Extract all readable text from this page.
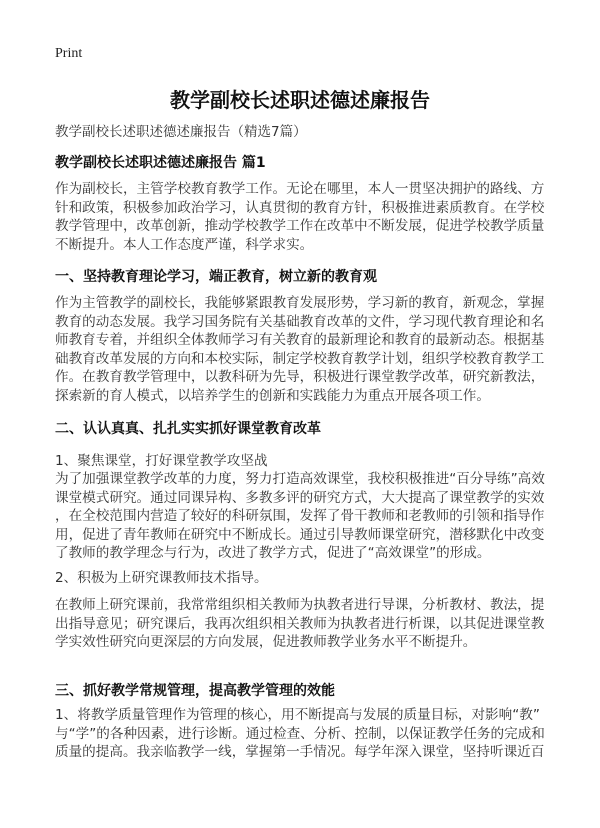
Print
教学副校长述职述德述廉报告
教学副校长述职述德述廉报告（精选7篇）
教学副校长述职述德述廉报告 篇1
作为副校长，主管学校教育教学工作。无论在哪里，本人一贯坚决拥护的路线、方
针和政策，积极参加政治学习，认真贯彻的教育方针，积极推进素质教育。在学校
教学管理中，改革创新，推动学校教学工作在改革中不断发展，促进学校教学质量
不断提升。本人工作态度严谨，科学求实。
一、坚持教育理论学习，端正教育，树立新的教育观
作为主管教学的副校长，我能够紧跟教育发展形势，学习新的教育，新观念，掌握
教育的动态发展。我学习国务院有关基础教育改革的文件，学习现代教育理论和名
师教育专着，并组织全体教师学习有关教育的最新理论和教育的最新动态。根据基
础教育改革发展的方向和本校实际，制定学校教育教学计划，组织学校教育教学工
作。在教育教学管理中，以教科研为先导，积极进行课堂教学改革，研究新教法，
探索新的育人模式，以培养学生的创新和实践能力为重点开展各项工作。
二、认认真真、扎扎实实抓好课堂教育改革
1、聚焦课堂，打好课堂教学攻坚战
为了加强课堂教学改革的力度，努力打造高效课堂，我校积极推进“百分导练”高效
课堂模式研究。通过同课异构、多教多评的研究方式，大大提高了课堂教学的实效
，在全校范围内营造了较好的科研氛围，发挥了骨干教师和老教师的引领和指导作
用，促进了青年教师在研究中不断成长。通过引导教师课堂研究，潜移默化中改变
了教师的教学理念与行为，改进了教学方式，促进了“高效课堂”的形成。
2、积极为上研究课教师技术指导。
在教师上研究课前，我常常组织相关教师为执教者进行导课，分析教材、教法，提
出指导意见；研究课后，我再次组织相关教师为执教者进行析课，以其促进课堂教
学实效性研究向更深层的方向发展，促进教师教学业务水平不断提升。
三、抓好教学常规管理，提高教学管理的效能
1、将教学质量管理作为管理的核心，用不断提高与发展的质量目标，对影响“教”
与“学”的各种因素，进行诊断。通过检查、分析、控制，以保证教学任务的完成和
质量的提高。我亲临教学一线，掌握第一手情况。每学年深入课堂，坚持听课近百
